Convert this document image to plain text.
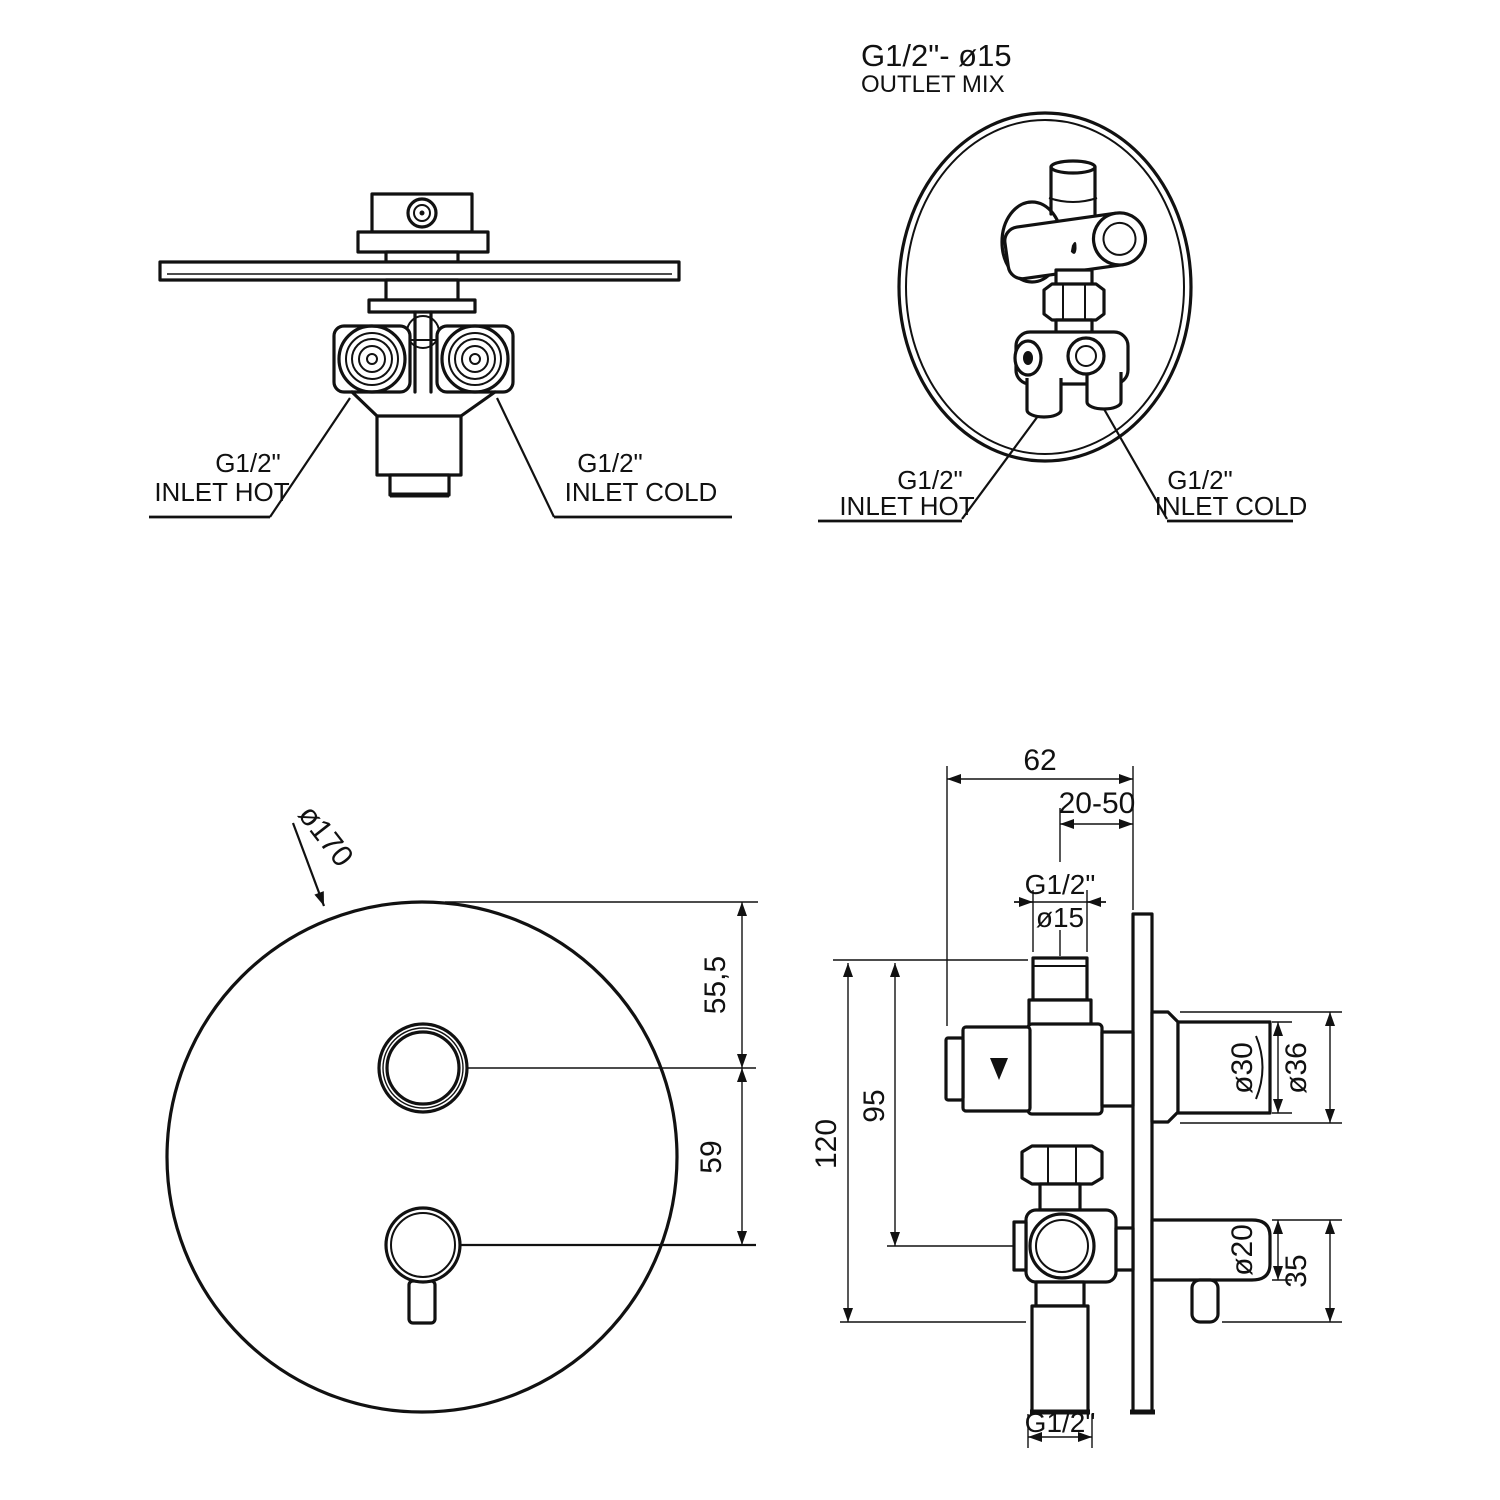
G1/2"
INLET HOT
G1/2"
INLET COLD
G1/2"- ø15
OUTLET MIX
G1/2"
INLET HOT
G1/2"
INLET COLD
ø170
55,5
59
62
20-50
G1/2"
ø15
95
120
ø30 ø36
ø20 35
G1/2"
